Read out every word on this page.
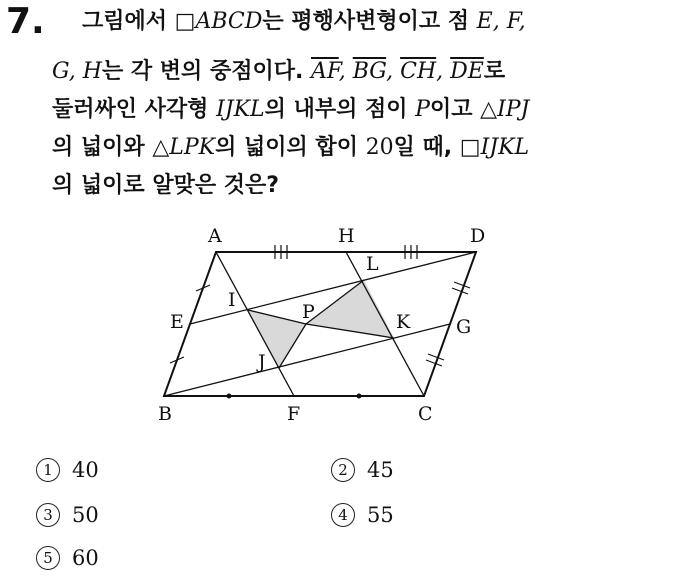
7. 그림에서 □ABCD는 평행사변형이고 점 E, F,
G, H는 각 변의 중점이다. $\overline{AF}$, $\overline{BG}$, $\overline{CH}$, $\overline{DE}$로
둘러싸인 사각형 IJKL의 내부의 점이 P이고 △IPJ
의 넓이와 △LPK의 넓이의 합이 20일 때, □IJKL
의 넓이로 알맞은 것은?
A	H	D
L
I
P
E	K G
J
B	F	C
1 40	2 45
3 50	4 55
5 60
